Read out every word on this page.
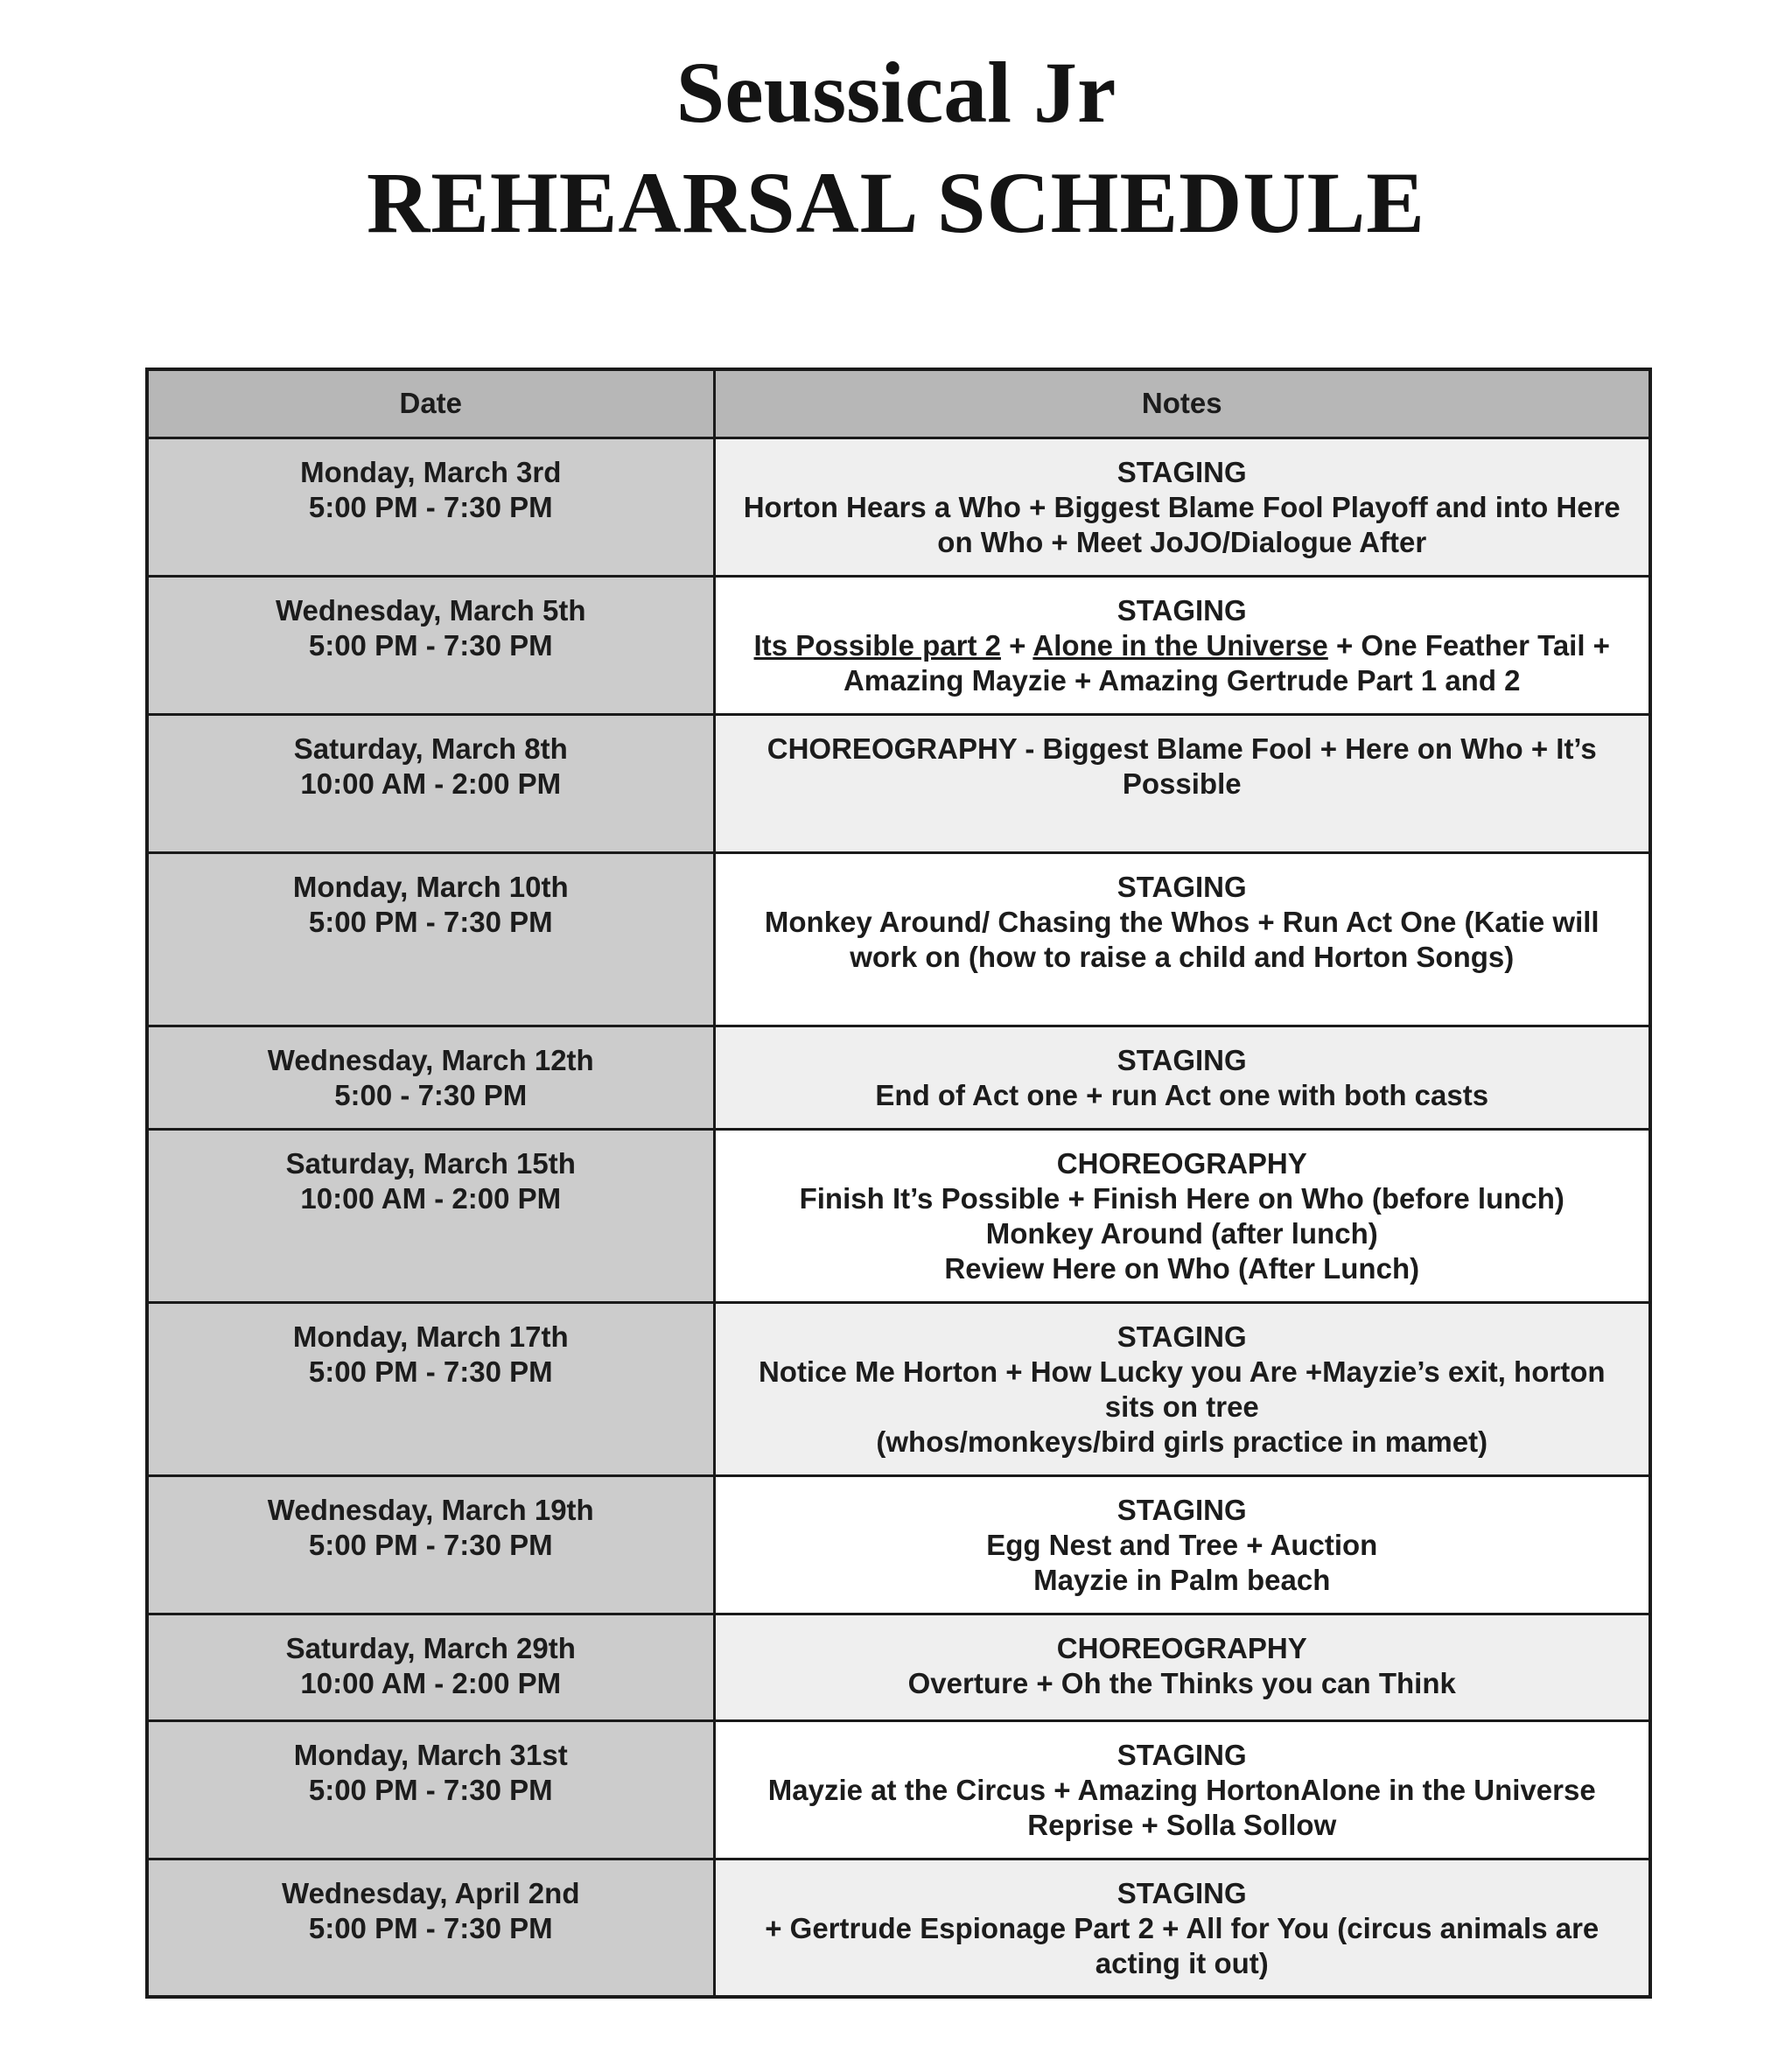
Seussical Jr
REHEARSAL SCHEDULE
Date	Notes

Monday, March 3rd
5:00 PM - 7:30 PM	STAGING
Horton Hears a Who + Biggest Blame Fool Playoff and into Here
on Who + Meet JoJO/Dialogue After

Wednesday, March 5th
5:00 PM - 7:30 PM	STAGING
Its Possible part 2 + Alone in the Universe + One Feather Tail +
Amazing Mayzie + Amazing Gertrude Part 1 and 2

Saturday, March 8th
10:00 AM - 2:00 PM	CHOREOGRAPHY - Biggest Blame Fool + Here on Who + It’s
Possible

Monday, March 10th
5:00 PM - 7:30 PM	STAGING
Monkey Around/ Chasing the Whos + Run Act One (Katie will
work on (how to raise a child and Horton Songs)

Wednesday, March 12th
5:00 - 7:30 PM	STAGING
End of Act one + run Act one with both casts

Saturday, March 15th
10:00 AM - 2:00 PM	CHOREOGRAPHY
Finish It’s Possible + Finish Here on Who (before lunch)
Monkey Around (after lunch)
Review Here on Who (After Lunch)

Monday, March 17th
5:00 PM - 7:30 PM	STAGING
Notice Me Horton + How Lucky you Are +Mayzie’s exit, horton
sits on tree
(whos/monkeys/bird girls practice in mamet)

Wednesday, March 19th
5:00 PM - 7:30 PM	STAGING
Egg Nest and Tree + Auction
Mayzie in Palm beach

Saturday, March 29th
10:00 AM - 2:00 PM	CHOREOGRAPHY
Overture + Oh the Thinks you can Think

Monday, March 31st
5:00 PM - 7:30 PM	STAGING
Mayzie at the Circus + Amazing HortonAlone in the Universe
Reprise + Solla Sollow

Wednesday, April 2nd
5:00 PM - 7:30 PM	STAGING
+ Gertrude Espionage Part 2 + All for You (circus animals are
acting it out)
